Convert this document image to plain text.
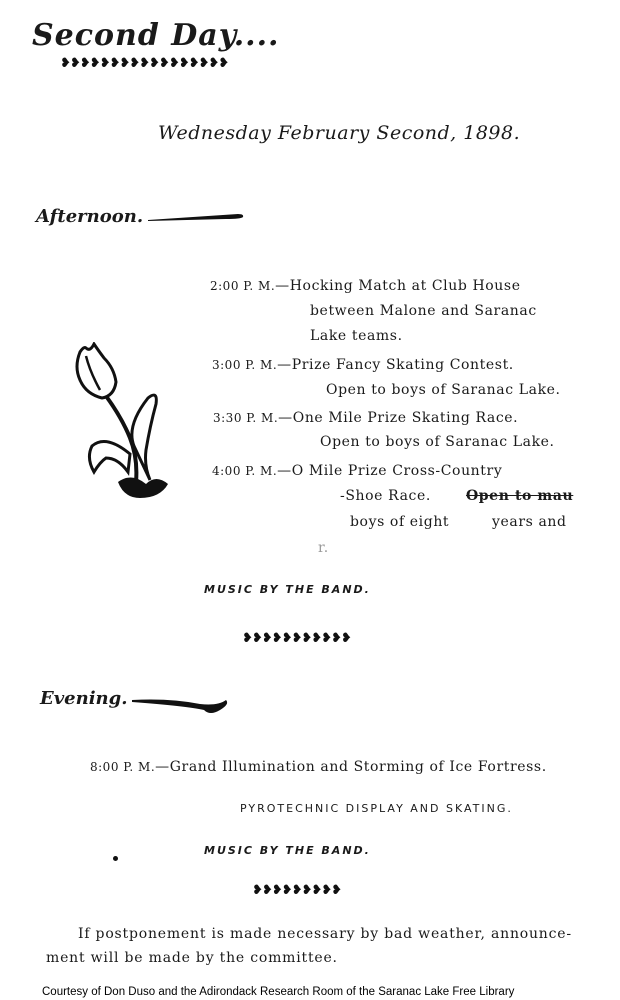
Second Day....
❥❥❥❥❥❥❥❥❥❥❥❥❥❥❥❥❥
Wednesday February Second, 1898.
Afternoon.
2:00 P. M.—Hocking Match at Club House
between Malone and Saranac
Lake teams.
3:00 P. M.—Prize Fancy Skating Contest.
Open to boys of Saranac Lake.
3:30 P. M.—One Mile Prize Skating Race.
Open to boys of Saranac Lake.
4:00 P. M.—O Mile Prize Cross-Country
-Shoe Race.	Open to mau
boys of eight	years and
r.
MUSIC BY THE BAND.
❥❥❥❥❥❥❥❥❥❥❥
Evening.
8:00 P. M.—Grand Illumination and Storming of Ice Fortress.
PYROTECHNIC DISPLAY AND SKATING.
MUSIC BY THE BAND.
❥❥❥❥❥❥❥❥❥
If postponement is made necessary by bad weather, announce-
ment will be made by the committee.
Courtesy of Don Duso and the Adirondack Research Room of the Saranac Lake Free Library
